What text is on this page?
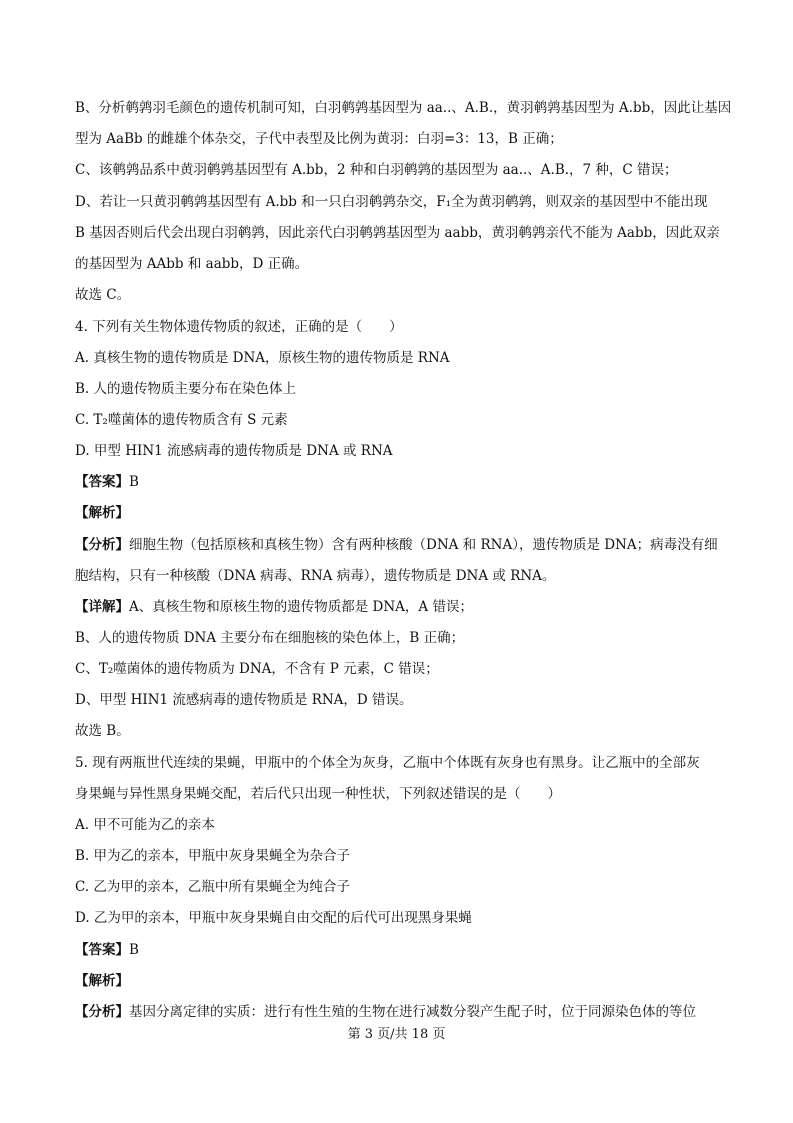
B、分析鹌鹑羽毛颜色的遗传机制可知，白羽鹌鹑基因型为 aa..、A.B.，黄羽鹌鹑基因型为 A.bb，因此让基因
型为 AaBb 的雌雄个体杂交，子代中表型及比例为黄羽：白羽=3：13，B 正确；
C、该鹌鹑品系中黄羽鹌鹑基因型有 A.bb，2 种和白羽鹌鹑的基因型为 aa..、A.B.，7 种，C 错误；
D、若让一只黄羽鹌鹑基因型有 A.bb 和一只白羽鹌鹑杂交，F₁全为黄羽鹌鹑，则双亲的基因型中不能出现
B 基因否则后代会出现白羽鹌鹑，因此亲代白羽鹌鹑基因型为 aabb，黄羽鹌鹑亲代不能为 Aabb，因此双亲
的基因型为 AAbb 和 aabb，D 正确。
故选 C。
4. 下列有关生物体遗传物质的叙述，正确的是（　　）
A. 真核生物的遗传物质是 DNA，原核生物的遗传物质是 RNA
B. 人的遗传物质主要分布在染色体上
C. T₂噬菌体的遗传物质含有 S 元素
D. 甲型 HIN1 流感病毒的遗传物质是 DNA 或 RNA
【答案】B
【解析】
【分析】细胞生物（包括原核和真核生物）含有两种核酸（DNA 和 RNA），遗传物质是 DNA；病毒没有细
胞结构，只有一种核酸（DNA 病毒、RNA 病毒），遗传物质是 DNA 或 RNA。
【详解】A、真核生物和原核生物的遗传物质都是 DNA，A 错误；
B、人的遗传物质 DNA 主要分布在细胞核的染色体上，B 正确；
C、T₂噬菌体的遗传物质为 DNA，不含有 P 元素，C 错误；
D、甲型 HIN1 流感病毒的遗传物质是 RNA，D 错误。
故选 B。
5. 现有两瓶世代连续的果蝇，甲瓶中的个体全为灰身，乙瓶中个体既有灰身也有黑身。让乙瓶中的全部灰
身果蝇与异性黑身果蝇交配，若后代只出现一种性状，下列叙述错误的是（　　）
A. 甲不可能为乙的亲本
B. 甲为乙的亲本，甲瓶中灰身果蝇全为杂合子
C. 乙为甲的亲本，乙瓶中所有果蝇全为纯合子
D. 乙为甲的亲本，甲瓶中灰身果蝇自由交配的后代可出现黑身果蝇
【答案】B
【解析】
【分析】基因分离定律的实质：进行有性生殖的生物在进行减数分裂产生配子时，位于同源染色体的等位
第 3 页/共 18 页
